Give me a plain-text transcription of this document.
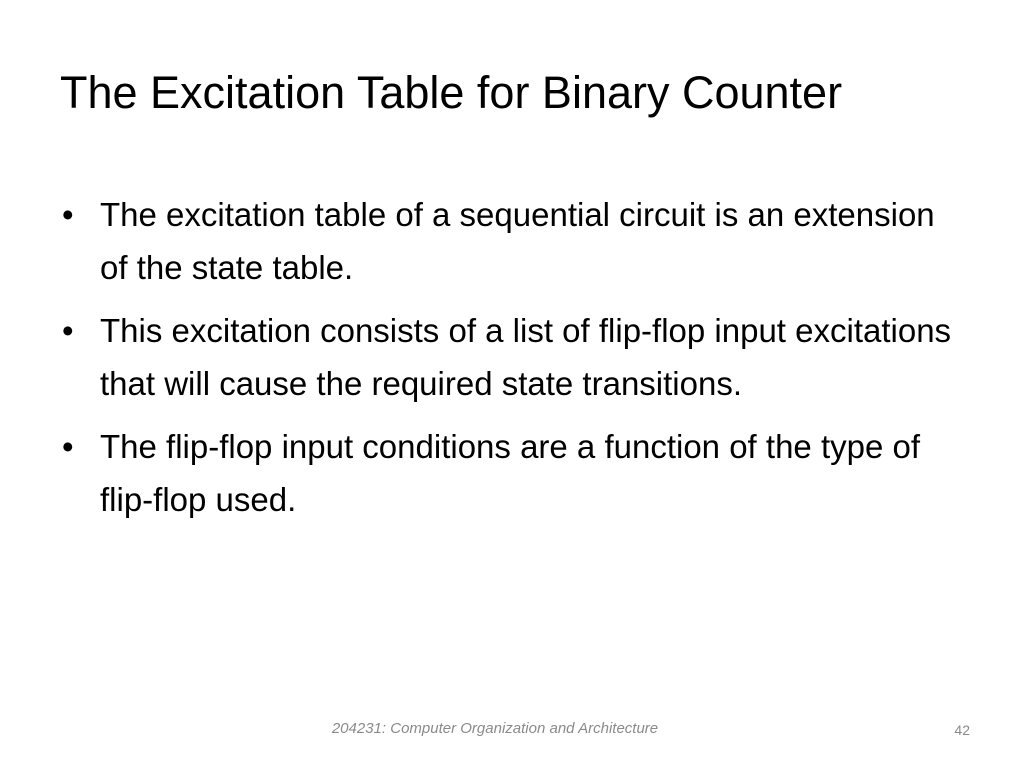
The Excitation Table for Binary Counter
• The excitation table of a sequential circuit is an extension of the state table.
• This excitation consists of a list of flip-flop input excitations that will cause the required state transitions.
• The flip-flop input conditions are a function of the type of flip-flop used.
204231: Computer Organization and Architecture	42
